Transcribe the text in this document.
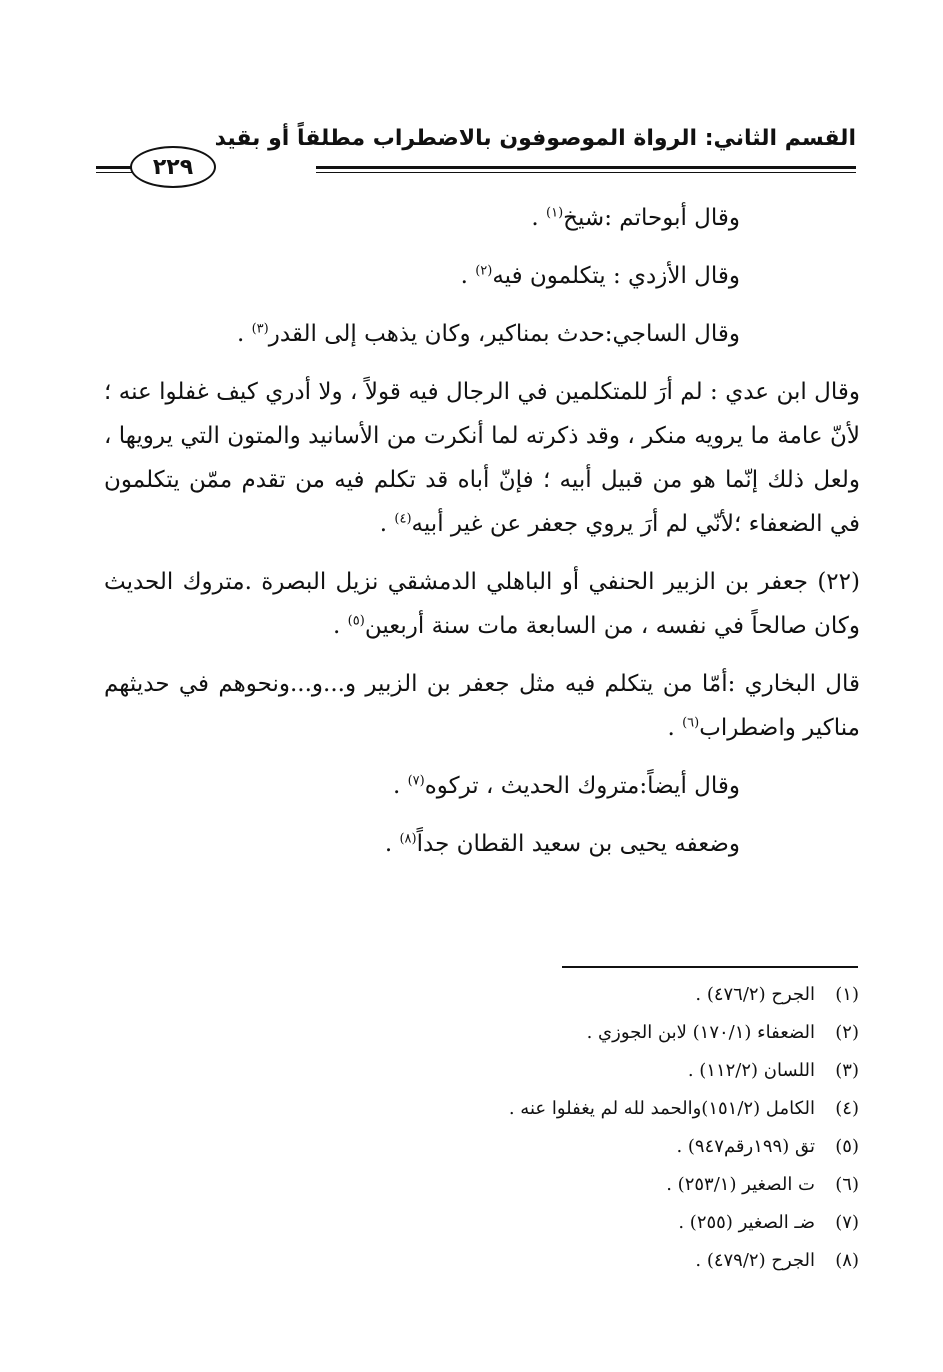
القسم الثاني: الرواة الموصوفون بالاضطراب مطلقاً أو بقيد
٢٢٩

وقال أبوحاتم :شيخ$^{(١)}$ .

وقال الأزدي : يتكلمون فيه$^{(٢)}$ .

وقال الساجي:حدث بمناكير، وكان يذهب إلى القدر$^{(٣)}$ .

وقال ابن عدي : لم أرَ للمتكلمين في الرجال فيه قولاً ، ولا أدري كيف غفلوا عنه ؛ لأنّ عامة ما يرويه منكر ، وقد ذكرته لما أنكرت من الأسانيد والمتون التي يرويها ، ولعل ذلك إنّما هو من قبيل أبيه ؛ فإنّ أباه قد تكلم فيه من تقدم ممّن يتكلمون في الضعفاء ؛لأنّي لم أرَ يروي جعفر عن غير أبيه$^{(٤)}$ .

(٢٢) جعفر بن الزبير الحنفي أو الباهلي الدمشقي نزيل البصرة .متروك الحديث وكان صالحاً في نفسه ، من السابعة مات سنة أربعين$^{(٥)}$ .

قال البخاري :أمّا من يتكلم فيه مثل جعفر بن الزبير و...و...ونحوهم في حديثهم مناكير واضطراب$^{(٦)}$ .

وقال أيضاً:متروك الحديث ، تركوه$^{(٧)}$ .

وضعفه يحيى بن سعيد القطان جداً$^{(٨)}$ .

(١)
الجرح (٤٧٦/٢) .
(٢)
الضعفاء (١٧٠/١) لابن الجوزي .
(٣)
اللسان (١١٢/٢) .
(٤)
الكامل (١٥١/٢)والحمد لله لم يغفلوا عنه .
(٥)
تق (١٩٩رقم٩٤٧) .
(٦)
ت الصغير (٢٥٣/١) .
(٧)
ضـ الصغير (٢٥٥) .
(٨)
الجرح (٤٧٩/٢) .
